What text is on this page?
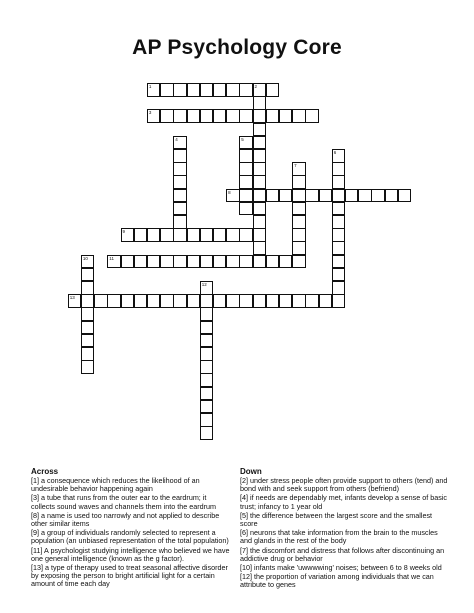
AP Psychology Core
1	2
3
4	5
6
7
8
9
10	11
12
13
Across
[1] a consequence which reduces the likelihood of an undesirable behavior happening again
[3] a tube that runs from the outer ear to the eardrum; it collects sound waves and channels them into the eardrum
[8] a name is used too narrowly and not applied to describe other similar items
[9] a group of individuals randomly selected to represent a population (an unbiased representation of the total population)
[11] A psychologist studying intelligence who believed we have one general intelligence (known as the g factor).
[13] a type of therapy used to treat seasonal affective disorder by exposing the person to bright artificial light for a certain amount of time each day
Down
[2] under stress people often provide support to others (tend) and bond with and seek support from others (befriend)
[4] if needs are dependably met, infants develop a sense of basic trust; infancy to 1 year old
[5] the difference between the largest score and the smallest score
[6] neurons that take information from the brain to the muscles and glands in the rest of the body
[7] the discomfort and distress that follows after discontinuing an addictive drug or behavior
[10] infants make 'uwwwwing' noises; between 6 to 8 weeks old
[12] the proportion of variation among individuals that we can attribute to genes
